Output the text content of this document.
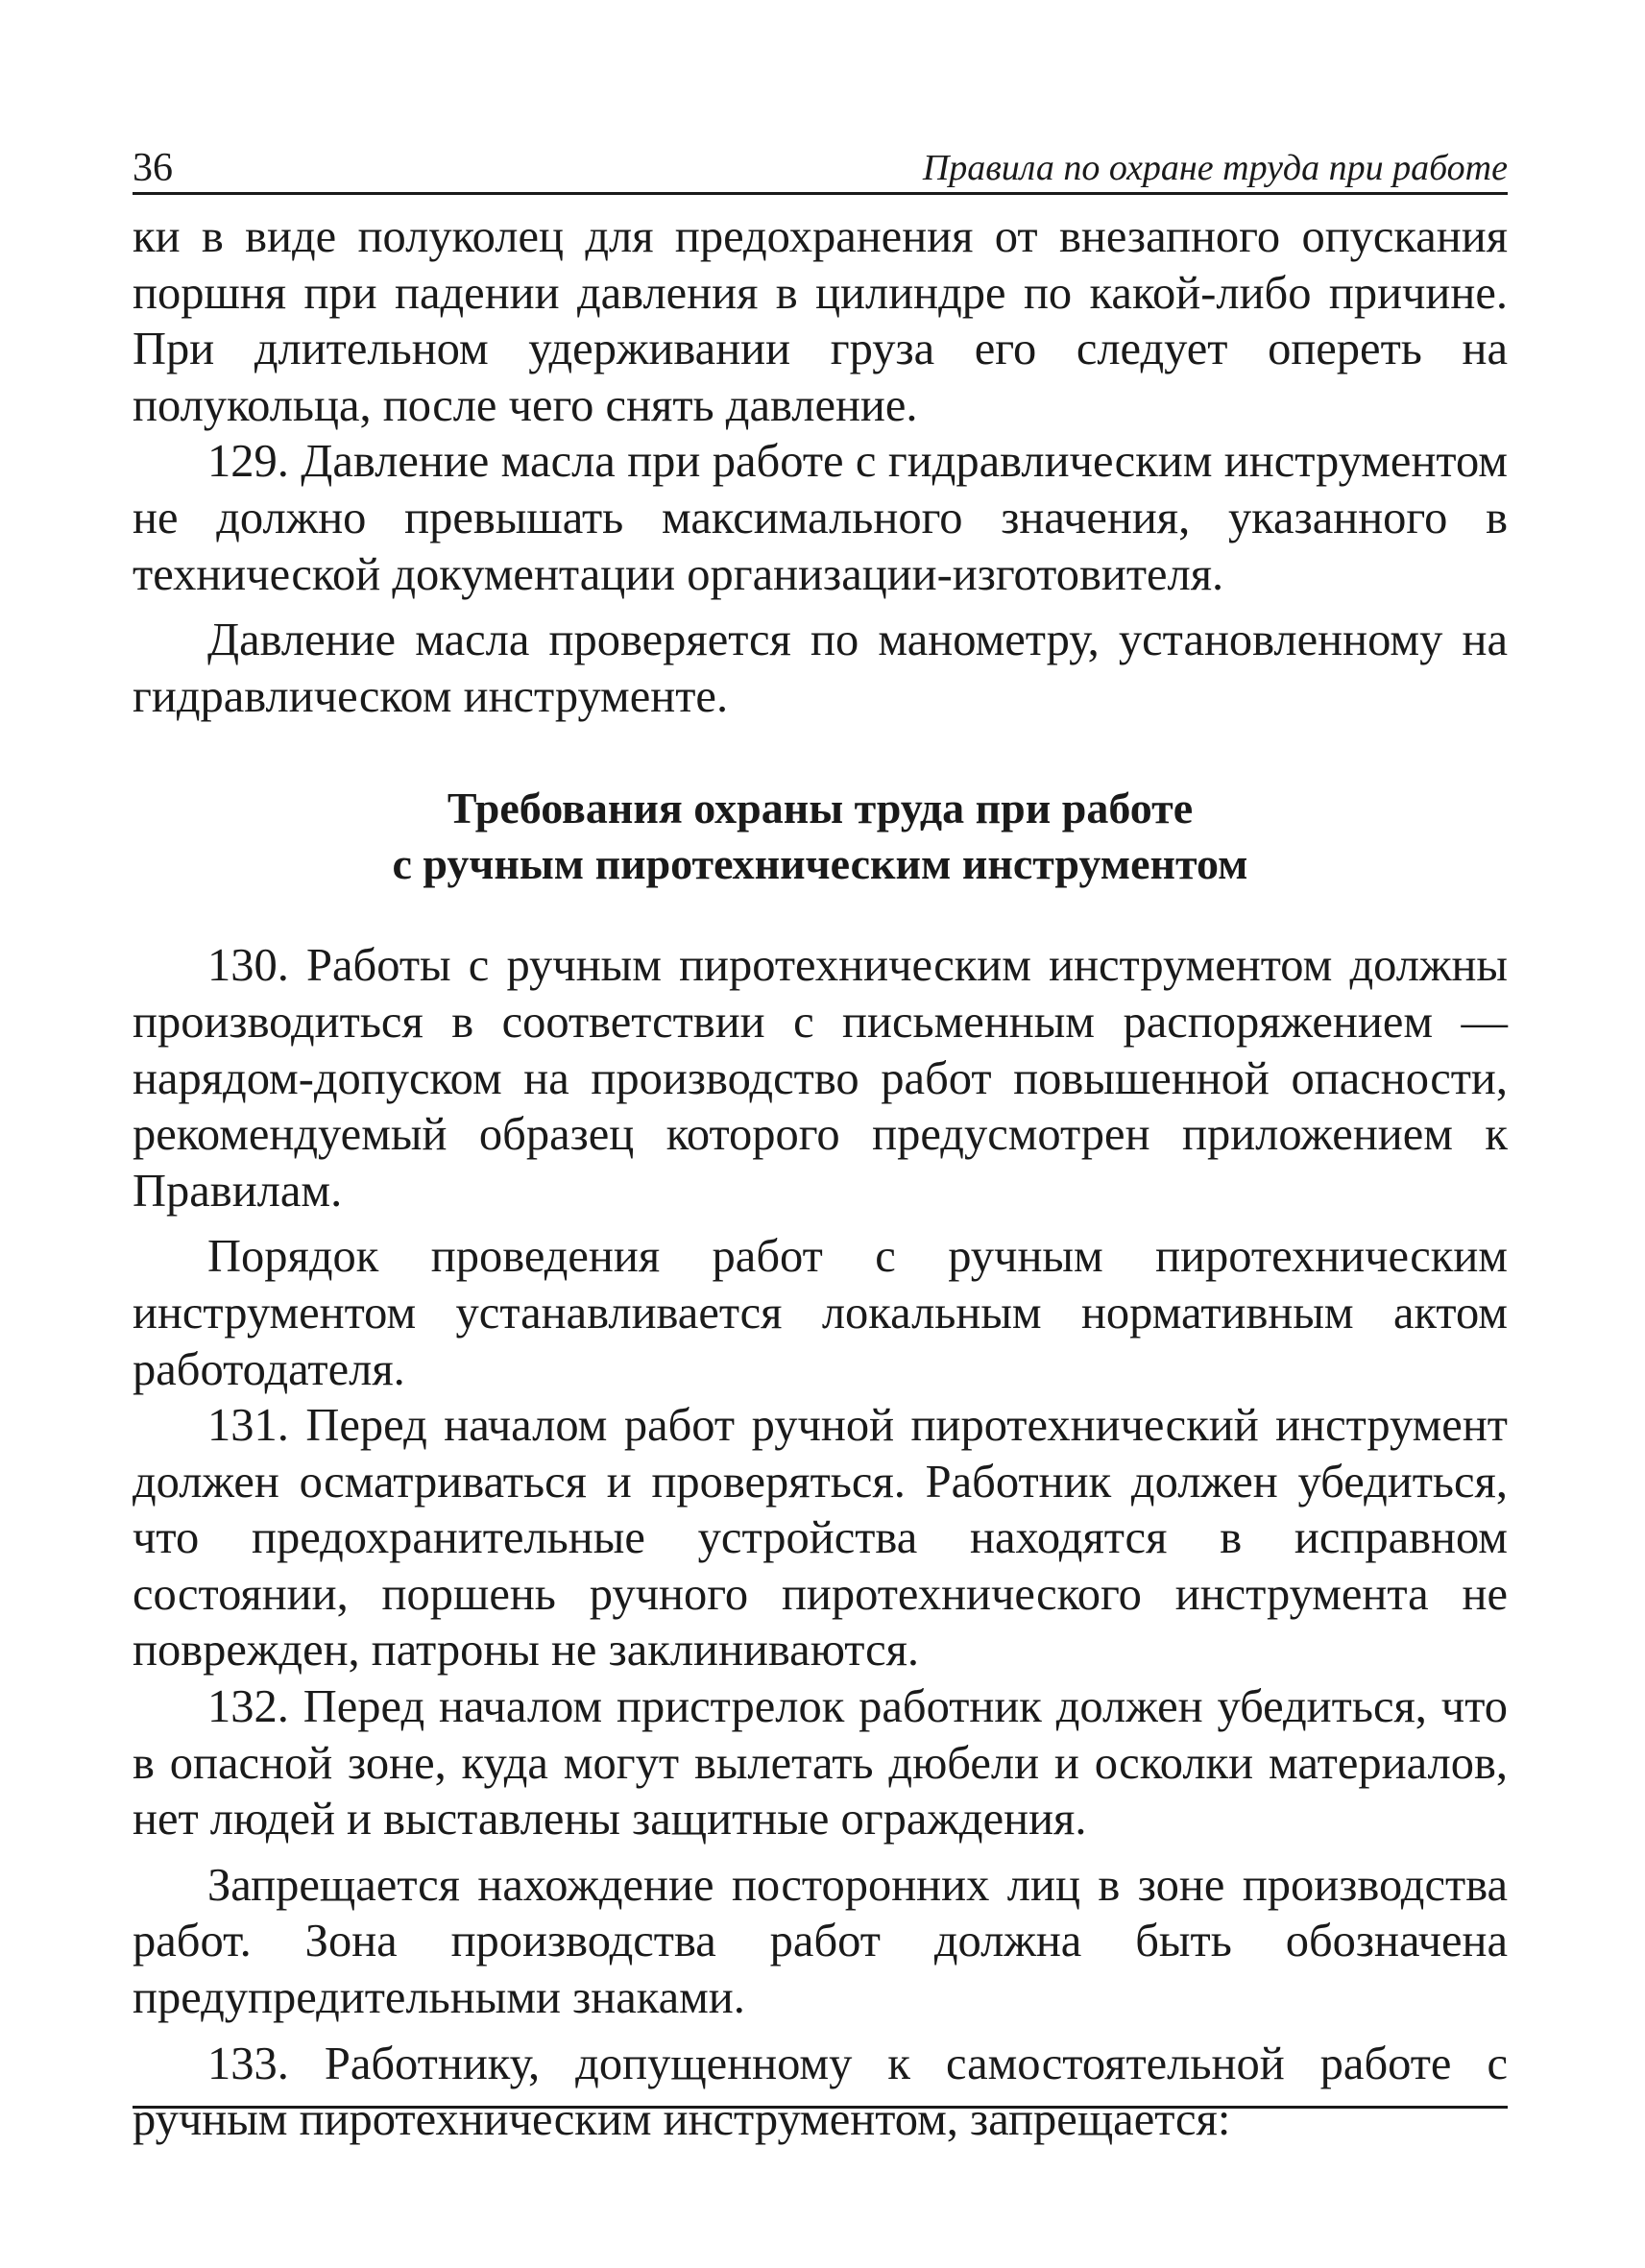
36	Правила по охране труда при работе

ки в виде полуколец для предохранения от внезапного опускания поршня при падении давления в цилиндре по какой-либо причине. При длительном удерживании груза его следует опереть на полукольца, после чего снять давление.

129. Давление масла при работе с гидравлическим инструментом не должно превышать максимального значения, указанного в технической документации организации-изготовителя.

Давление масла проверяется по манометру, установленному на гидравлическом инструменте.

Требования охраны труда при работе
с ручным пиротехническим инструментом

130. Работы с ручным пиротехническим инструментом должны производиться в соответствии с письменным распоряжением — нарядом-допуском на производство работ повышенной опасности, рекомендуемый образец которого предусмотрен приложением к Правилам.

Порядок проведения работ с ручным пиротехническим инструментом устанавливается локальным нормативным актом работодателя.

131. Перед началом работ ручной пиротехнический инструмент должен осматриваться и проверяться. Работник должен убедиться, что предохранительные устройства находятся в исправном состоянии, поршень ручного пиротехнического инструмента не поврежден, патроны не заклиниваются.

132. Перед началом пристрелок работник должен убедиться, что в опасной зоне, куда могут вылетать дюбели и осколки материалов, нет людей и выставлены защитные ограждения.

Запрещается нахождение посторонних лиц в зоне производства работ. Зона производства работ должна быть обозначена предупредительными знаками.

133. Работнику, допущенному к самостоятельной работе с ручным пиротехническим инструментом, запрещается:
